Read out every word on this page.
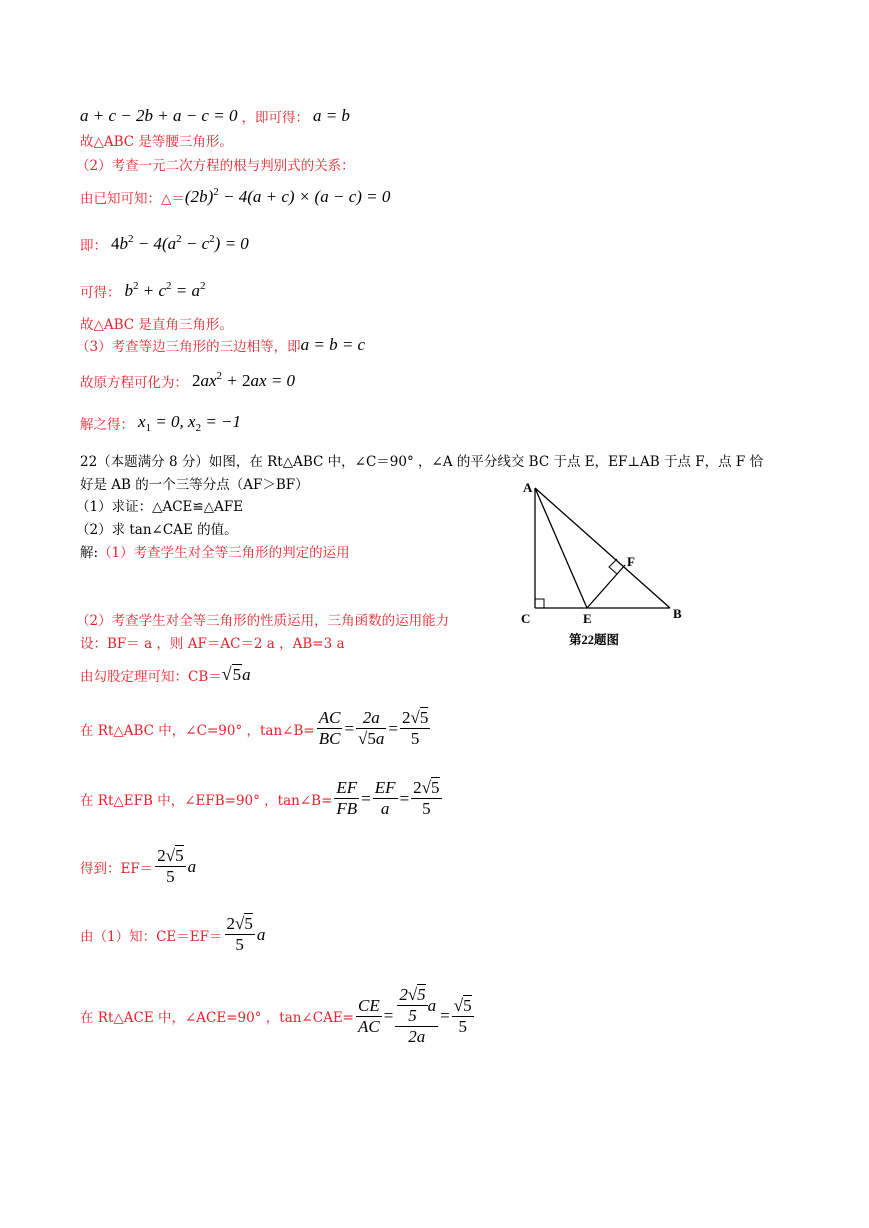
a + c − 2b + a − c = 0 ，即可得： a = b
故△ABC 是等腰三角形。
（2）考查一元二次方程的根与判别式的关系：
由已知可知：△＝ $(2b)^2 - 4(a + c) \times (a - c) = 0$
即： $4b^2 - 4(a^2 - c^2) = 0$
可得： $b^2 + c^2 = a^2$
故△ABC 是直角三角形。
（3）考查等边三角形的三边相等，即 a = b = c
故原方程可化为： $2ax^2 + 2ax = 0$
解之得： $x_1 = 0$, $x_2 = -1$
22（本题满分 8 分）如图，在 Rt△ABC 中，∠C＝90° ，∠A 的平分线交 BC 于点 E，EF⊥AB 于点 F，点 F 恰
好是 AB 的一个三等分点（AF＞BF）
（1）求证：△ACE≌△AFE
（2）求 tan∠CAE 的值。
解: （1）考查学生对全等三角形的判定的运用
（2）考查学生对全等三角形的性质运用，三角函数的运用能力
设：BF＝ a ，则 AF＝AC＝2 a ，AB=3 a
A
C	E
F
B
第22题图
由勾股定理可知：CB＝ √5a
在 Rt△ABC 中，∠C=90° ，tan∠B= $\frac{AC}{BC} = \frac{2a}{√5a} = \frac{2√5}{5}$
在 Rt△EFB 中，∠EFB=90° ，tan∠B= $\frac{EF}{FB} = \frac{EF}{a} = \frac{2√5}{5}$
得到：$EF= \frac{2√5}{5}$ a
由（1）知：$CE=EF= \frac{2√5}{5}$ a
在 Rt△ACE 中，∠ACE=90° ，tan∠CAE= $\frac{CE}{AC} = \frac{\frac{2√5}{5} a}{2a} = \frac{√5}{5}$
